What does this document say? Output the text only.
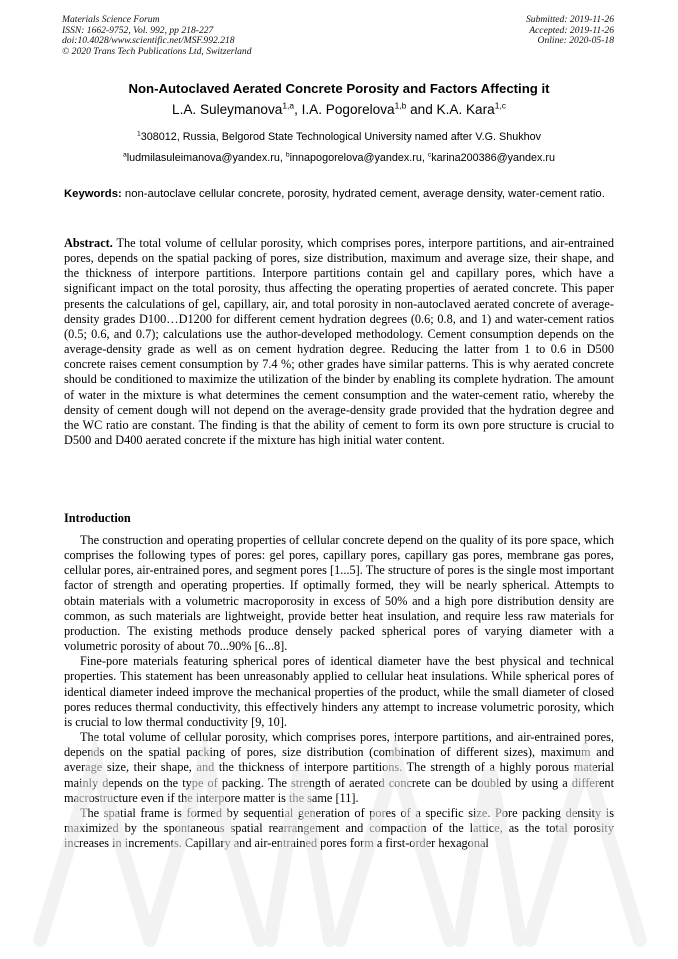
Materials Science Forum
ISSN: 1662-9752, Vol. 992, pp 218-227
doi:10.4028/www.scientific.net/MSF.992.218
© 2020 Trans Tech Publications Ltd, Switzerland
Submitted: 2019-11-26
Accepted: 2019-11-26
Online: 2020-05-18
Non-Autoclaved Aerated Concrete Porosity and Factors Affecting it
L.A. Suleymanova$^{1,a}$, I.A. Pogorelova$^{1,b}$ and K.A. Kara$^{1,c}$
$^1$308012, Russia, Belgorod State Technological University named after V.G. Shukhov
$^a$ludmilasuleimanova@yandex.ru, $^b$innapogorelova@yandex.ru, $^c$karina200386@yandex.ru
Keywords: non-autoclave cellular concrete, porosity, hydrated cement, average density, water-cement ratio.
Abstract. The total volume of cellular porosity, which comprises pores, interpore partitions, and air-entrained pores, depends on the spatial packing of pores, size distribution, maximum and average size, their shape, and the thickness of interpore partitions. Interpore partitions contain gel and capillary pores, which have a significant impact on the total porosity, thus affecting the operating properties of aerated concrete. This paper presents the calculations of gel, capillary, air, and total porosity in non-autoclaved aerated concrete of average-density grades D100…D1200 for different cement hydration degrees (0.6; 0.8, and 1) and water-cement ratios (0.5; 0.6, and 0.7); calculations use the author-developed methodology. Cement consumption depends on the average-density grade as well as on cement hydration degree. Reducing the latter from 1 to 0.6 in D500 concrete raises cement consumption by 7.4 %; other grades have similar patterns. This is why aerated concrete should be conditioned to maximize the utilization of the binder by enabling its complete hydration. The amount of water in the mixture is what determines the cement consumption and the water-cement ratio, whereby the density of cement dough will not depend on the average-density grade provided that the hydration degree and the WC ratio are constant. The finding is that the ability of cement to form its own pore structure is crucial to D500 and D400 aerated concrete if the mixture has high initial water content.
Introduction

The construction and operating properties of cellular concrete depend on the quality of its pore space, which comprises the following types of pores: gel pores, capillary pores, capillary gas pores, membrane gas pores, cellular pores, air-entrained pores, and segment pores [1...5]. The structure of pores is the single most important factor of strength and operating properties. If optimally formed, they will be nearly spherical. Attempts to obtain materials with a volumetric macroporosity in excess of 50% and a high pore distribution density are common, as such materials are lightweight, provide better heat insulation, and require less raw materials for production. The existing methods produce densely packed spherical pores of varying diameter with a volumetric porosity of about 70...90% [6...8].

Fine-pore materials featuring spherical pores of identical diameter have the best physical and technical properties. This statement has been unreasonably applied to cellular heat insulations. While spherical pores of identical diameter indeed improve the mechanical properties of the product, while the small diameter of closed pores reduces thermal conductivity, this effectively hinders any attempt to increase volumetric porosity, which is crucial to low thermal conductivity [9, 10].

The total volume of cellular porosity, which comprises pores, interpore partitions, and air-entrained pores, depends on the spatial packing of pores, size distribution (combination of different sizes), maximum and average size, their shape, and the thickness of interpore partitions. The strength of a highly porous material mainly depends on the type of packing. The strength of aerated concrete can be doubled by using a different macrostructure even if the interpore matter is the same [11].

The spatial frame is formed by sequential generation of pores of a specific size. Pore packing density is maximized by the spontaneous spatial rearrangement and compaction of the lattice, as the total porosity increases in increments. Capillary and air-entrained pores form a first-order hexagonal
